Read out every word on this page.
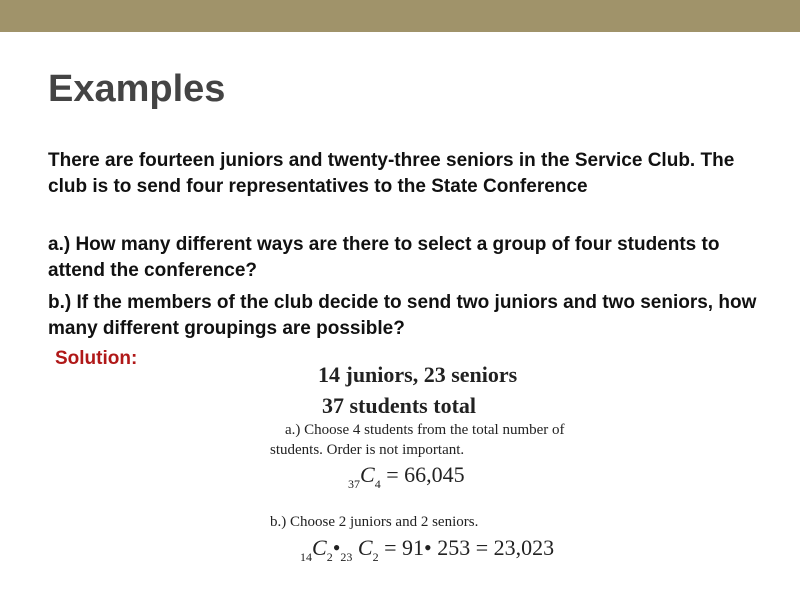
Examples
There are fourteen juniors and twenty-three seniors in the Service Club. The club is to send four representatives to the State Conference
a.) How many different ways are there to select a group of four students to attend the conference?
b.) If the members of the club decide to send two juniors and two seniors, how many different groupings are possible?
Solution:
14 juniors, 23 seniors
37 students total
a.) Choose 4 students from the total number of
students. Order is not important.
$_{37}C_4 = 66,045$
b.) Choose 2 juniors and 2 seniors.
$_{14}C_2•_{23}$ $C_2$ = 91• 253 = 23,023
